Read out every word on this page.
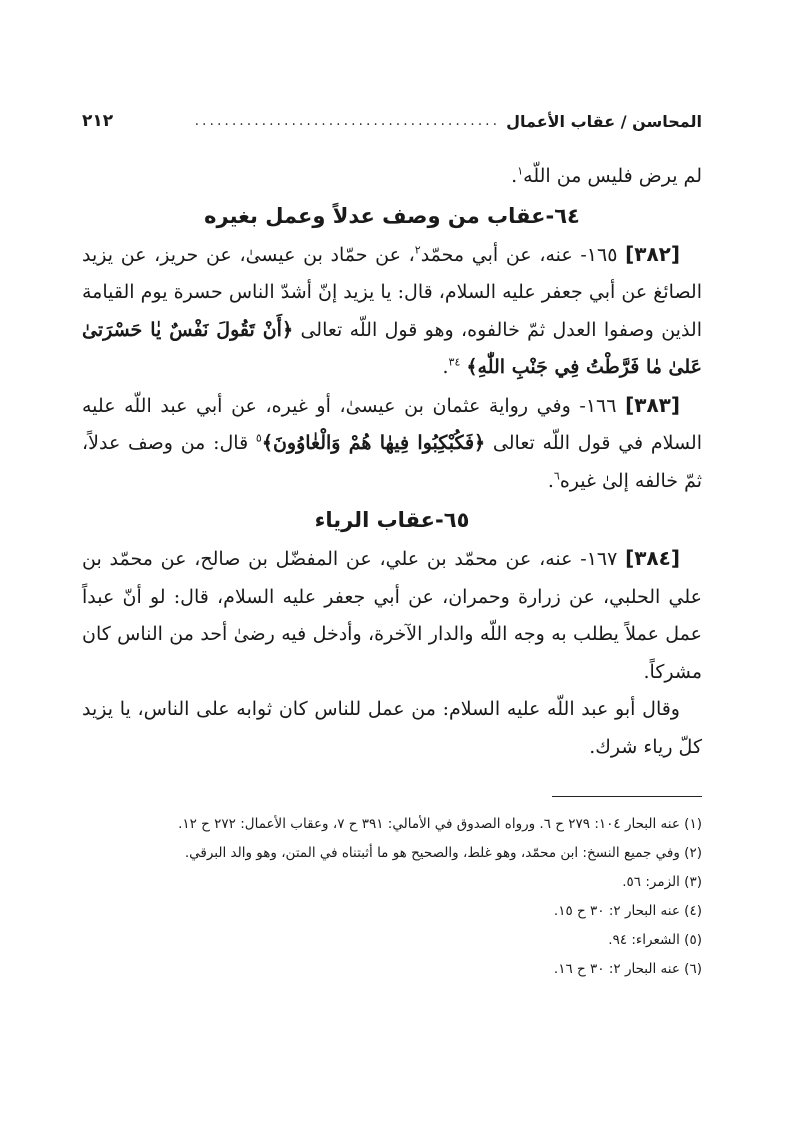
المحاسن / عقاب الأعمال
.........................................
٢١٢

لم يرض فليس من اللّه$^١$.

٦٤-عقاب من وصف عدلاً وعمل بغيره

[٣٨٢] ١٦٥- عنه، عن أبي محمّد$^٢$، عن حمّاد بن عيسىٰ، عن حريز، عن يزيد الصائغ عن أبي جعفر عليه السلام، قال: يا يزيد إنّ أشدّ الناس حسرة يوم القيامة الذين وصفوا العدل ثمّ خالفوه، وهو قول اللّه تعالى ﴿أَنْ تَقُولَ نَفْسٌ يٰا حَسْرَتىٰ عَلىٰ مٰا فَرَّطْتُ فِي جَنْبِ اللّٰهِ﴾ $^{٣٤}$.

[٣٨٣] ١٦٦- وفي رواية عثمان بن عيسىٰ، أو غيره، عن أبي عبد اللّه عليه السلام في قول اللّه تعالى ﴿فَكُبْكِبُوا فِيهٰا هُمْ وَالْغٰاوُونَ﴾$^٥$ قال: من وصف عدلاً، ثمّ خالفه إلىٰ غيره$^٦$.

٦٥-عقاب الرياء

[٣٨٤] ١٦٧- عنه، عن محمّد بن علي، عن المفضّل بن صالح، عن محمّد بن علي الحلبي، عن زرارة وحمران، عن أبي جعفر عليه السلام، قال: لو أنّ عبداً عمل عملاً يطلب به وجه اللّه والدار الآخرة، وأدخل فيه رضىٰ أحد من الناس كان مشركاً.

وقال أبو عبد اللّه عليه السلام: من عمل للناس كان ثوابه على الناس، يا يزيد كلّ رياء شرك.

(١) عنه البحار ١٠٤: ٢٧٩ ح ٦. ورواه الصدوق في الأمالي: ٣٩١ ح ٧، وعقاب الأعمال: ٢٧٢ ح ١٢.

(٢) وفي جميع النسخ: ابن محمّد، وهو غلط، والصحيح هو ما أثبتناه في المتن، وهو والد البرقي.

(٣) الزمر: ٥٦.

(٤) عنه البحار ٢: ٣٠ ح ١٥.

(٥) الشعراء: ٩٤.

(٦) عنه البحار ٢: ٣٠ ح ١٦.
